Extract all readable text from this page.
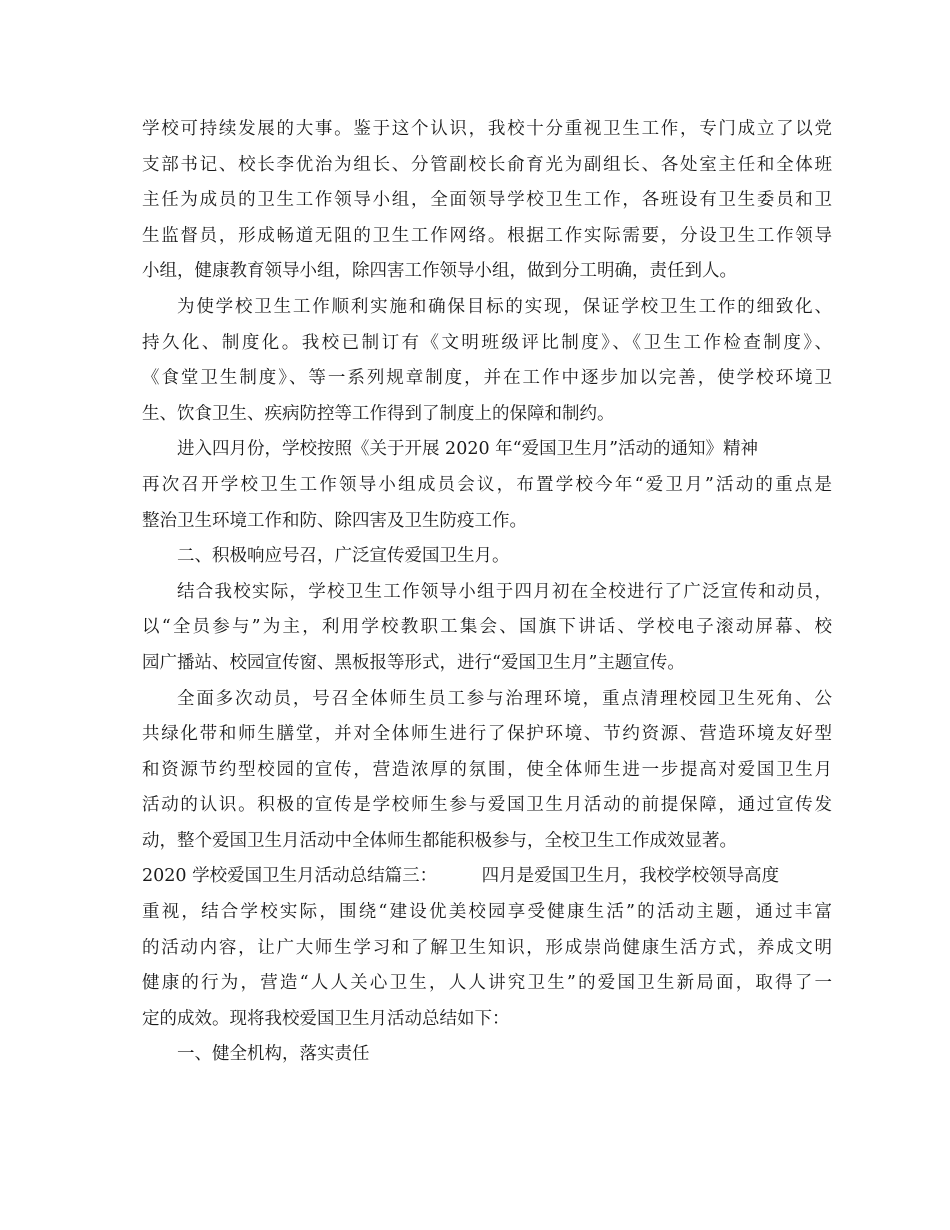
学校可持续发展的大事。鉴于这个认识，我校十分重视卫生工作，专门成立了以党
支部书记、校长李优治为组长、分管副校长俞育光为副组长、各处室主任和全体班
主任为成员的卫生工作领导小组，全面领导学校卫生工作，各班设有卫生委员和卫
生监督员，形成畅道无阻的卫生工作网络。根据工作实际需要，分设卫生工作领导
小组，健康教育领导小组，除四害工作领导小组，做到分工明确，责任到人。
为使学校卫生工作顺利实施和确保目标的实现，保证学校卫生工作的细致化、
持久化、制度化。我校已制订有《文明班级评比制度》、《卫生工作检查制度》、
《食堂卫生制度》、等一系列规章制度，并在工作中逐步加以完善，使学校环境卫
生、饮食卫生、疾病防控等工作得到了制度上的保障和制约。
进入四月份，学校按照《关于开展 2020 年“爱国卫生月”活动的通知》精神
再次召开学校卫生工作领导小组成员会议，布置学校今年“爱卫月”活动的重点是
整治卫生环境工作和防、除四害及卫生防疫工作。
二、积极响应号召，广泛宣传爱国卫生月。
结合我校实际，学校卫生工作领导小组于四月初在全校进行了广泛宣传和动员，
以“全员参与”为主，利用学校教职工集会、国旗下讲话、学校电子滚动屏幕、校
园广播站、校园宣传窗、黑板报等形式，进行“爱国卫生月”主题宣传。
全面多次动员，号召全体师生员工参与治理环境，重点清理校园卫生死角、公
共绿化带和师生膳堂，并对全体师生进行了保护环境、节约资源、营造环境友好型
和资源节约型校园的宣传，营造浓厚的氛围，使全体师生进一步提高对爱国卫生月
活动的认识。积极的宣传是学校师生参与爱国卫生月活动的前提保障，通过宣传发
动，整个爱国卫生月活动中全体师生都能积极参与，全校卫生工作成效显著。
2020 学校爱国卫生月活动总结篇三：        四月是爱国卫生月，我校学校领导高度
重视，结合学校实际，围绕“建设优美校园享受健康生活”的活动主题，通过丰富
的活动内容，让广大师生学习和了解卫生知识，形成崇尚健康生活方式，养成文明
健康的行为，营造“人人关心卫生，人人讲究卫生”的爱国卫生新局面，取得了一
定的成效。现将我校爱国卫生月活动总结如下：
一、健全机构，落实责任
